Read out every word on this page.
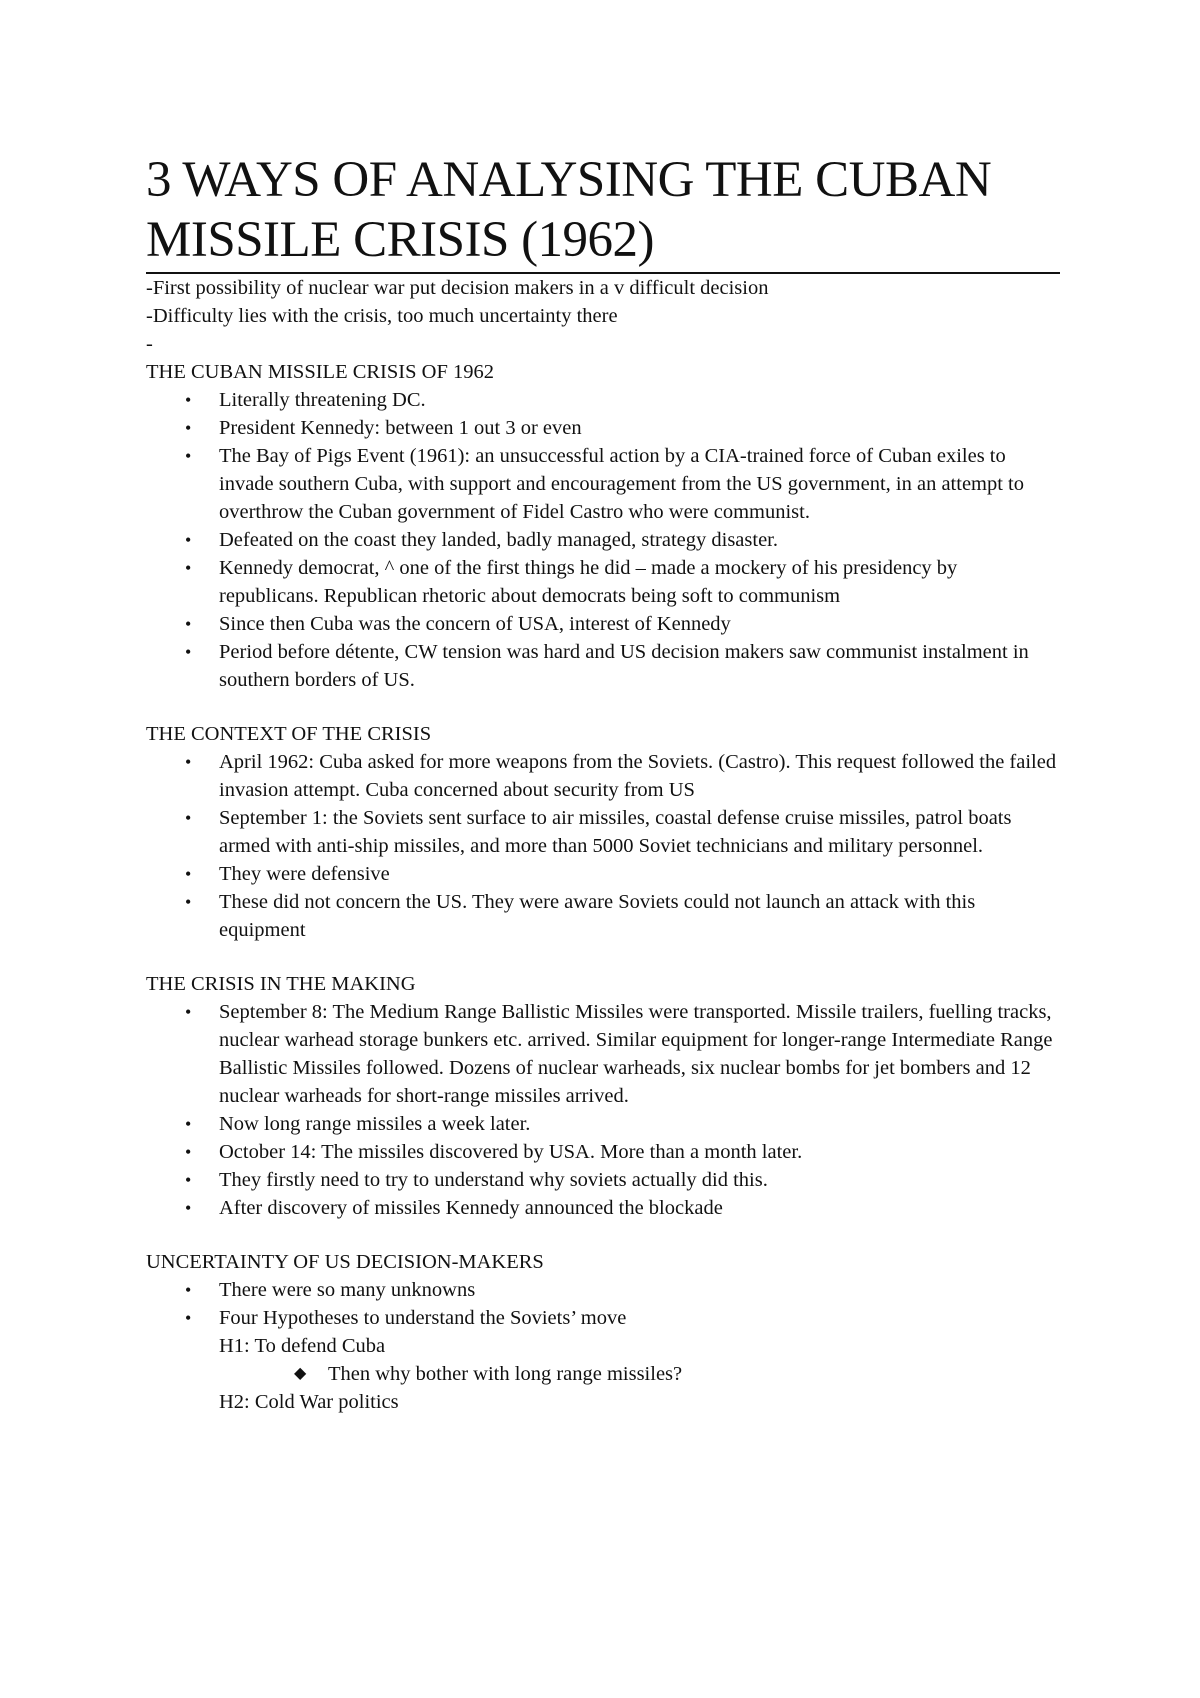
3 WAYS OF ANALYSING THE CUBAN MISSILE CRISIS (1962)

-First possibility of nuclear war put decision makers in a v difficult decision

-Difficulty lies with the crisis, too much uncertainty there

-

THE CUBAN MISSILE CRISIS OF 1962

• Literally threatening DC.
• President Kennedy: between 1 out 3 or even
• The Bay of Pigs Event (1961): an unsuccessful action by a CIA-trained force of Cuban exiles to invade southern Cuba, with support and encouragement from the US government, in an attempt to overthrow the Cuban government of Fidel Castro who were communist.
• Defeated on the coast they landed, badly managed, strategy disaster.
• Kennedy democrat, ^ one of the first things he did – made a mockery of his presidency by republicans. Republican rhetoric about democrats being soft to communism
• Since then Cuba was the concern of USA, interest of Kennedy
• Period before détente, CW tension was hard and US decision makers saw communist instalment in southern borders of US.

THE CONTEXT OF THE CRISIS

• April 1962: Cuba asked for more weapons from the Soviets. (Castro). This request followed the failed invasion attempt. Cuba concerned about security from US
• September 1: the Soviets sent surface to air missiles, coastal defense cruise missiles, patrol boats armed with anti-ship missiles, and more than 5000 Soviet technicians and military personnel.
• They were defensive
• These did not concern the US. They were aware Soviets could not launch an attack with this equipment

THE CRISIS IN THE MAKING

• September 8: The Medium Range Ballistic Missiles were transported. Missile trailers, fuelling tracks, nuclear warhead storage bunkers etc. arrived. Similar equipment for longer-range Intermediate Range Ballistic Missiles followed. Dozens of nuclear warheads, six nuclear bombs for jet bombers and 12 nuclear warheads for short-range missiles arrived.
• Now long range missiles a week later.
• October 14: The missiles discovered by USA. More than a month later.
• They firstly need to try to understand why soviets actually did this.
• After discovery of missiles Kennedy announced the blockade

UNCERTAINTY OF US DECISION-MAKERS

• There were so many unknowns
• Four Hypotheses to understand the Soviets’ move

H1: To defend Cuba

◆ Then why bother with long range missiles?

H2: Cold War politics
